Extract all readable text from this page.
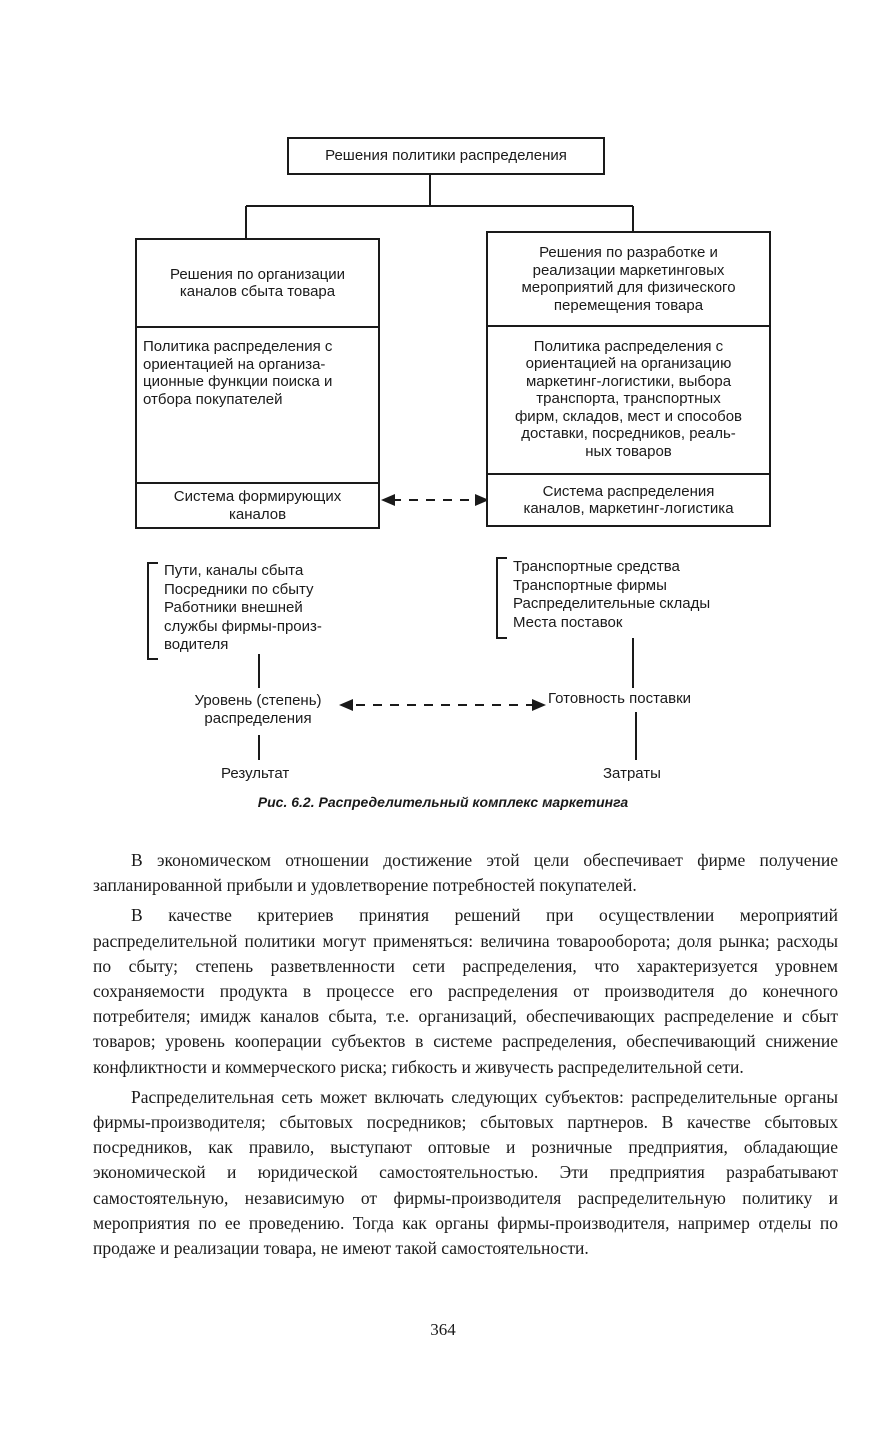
Решения политики распределения
Решения по организации
каналов сбыта товара
Политика распределения с
ориентацией на организа-
ционные функции поиска и
отбора покупателей
Система формирующих
каналов
Решения по разработке и
реализации маркетинговых
мероприятий для физического
перемещения товара
Политика распределения с
ориентацией на организацию
маркетинг-логистики, выбора
транспорта, транспортных
фирм, складов, мест и способов
доставки, посредников, реаль-
ных товаров
Система распределения
каналов, маркетинг-логистика
Пути, каналы сбыта
Посредники по сбыту
Работники внешней
службы фирмы-произ-
водителя
Транспортные средства
Транспортные фирмы
Распределительные склады
Места поставок
Уровень (степень)
распределения
Готовность поставки
Результат	Затраты
Рис. 6.2. Распределительный комплекс маркетинга

В экономическом отношении достижение этой цели обеспечивает фирме получение запланированной прибыли и удовлетворение потребностей покупателей.

В качестве критериев принятия решений при осуществлении мероприятий распределительной политики могут применяться: величина товарооборота; доля рынка; расходы по сбыту; степень разветвленности сети распределения, что характеризуется уровнем сохраняемости продукта в процессе его распределения от производителя до конечного потребителя; имидж каналов сбыта, т.е. организаций, обеспечивающих распределение и сбыт товаров; уровень кооперации субъектов в системе распределения, обеспечивающий снижение конфликтности и коммерческого риска; гибкость и живучесть распределительной сети.

Распределительная сеть может включать следующих субъектов: распределительные органы фирмы-производителя; сбытовых посредников; сбытовых партнеров. В качестве сбытовых посредников, как правило, выступают оптовые и розничные предприятия, обладающие экономической и юридической самостоятельностью. Эти предприятия разрабатывают самостоятельную, независимую от фирмы-производителя распределительную политику и мероприятия по ее проведению. Тогда как органы фирмы-производителя, например отделы по продаже и реализации товара, не имеют такой самостоятельности.

364
